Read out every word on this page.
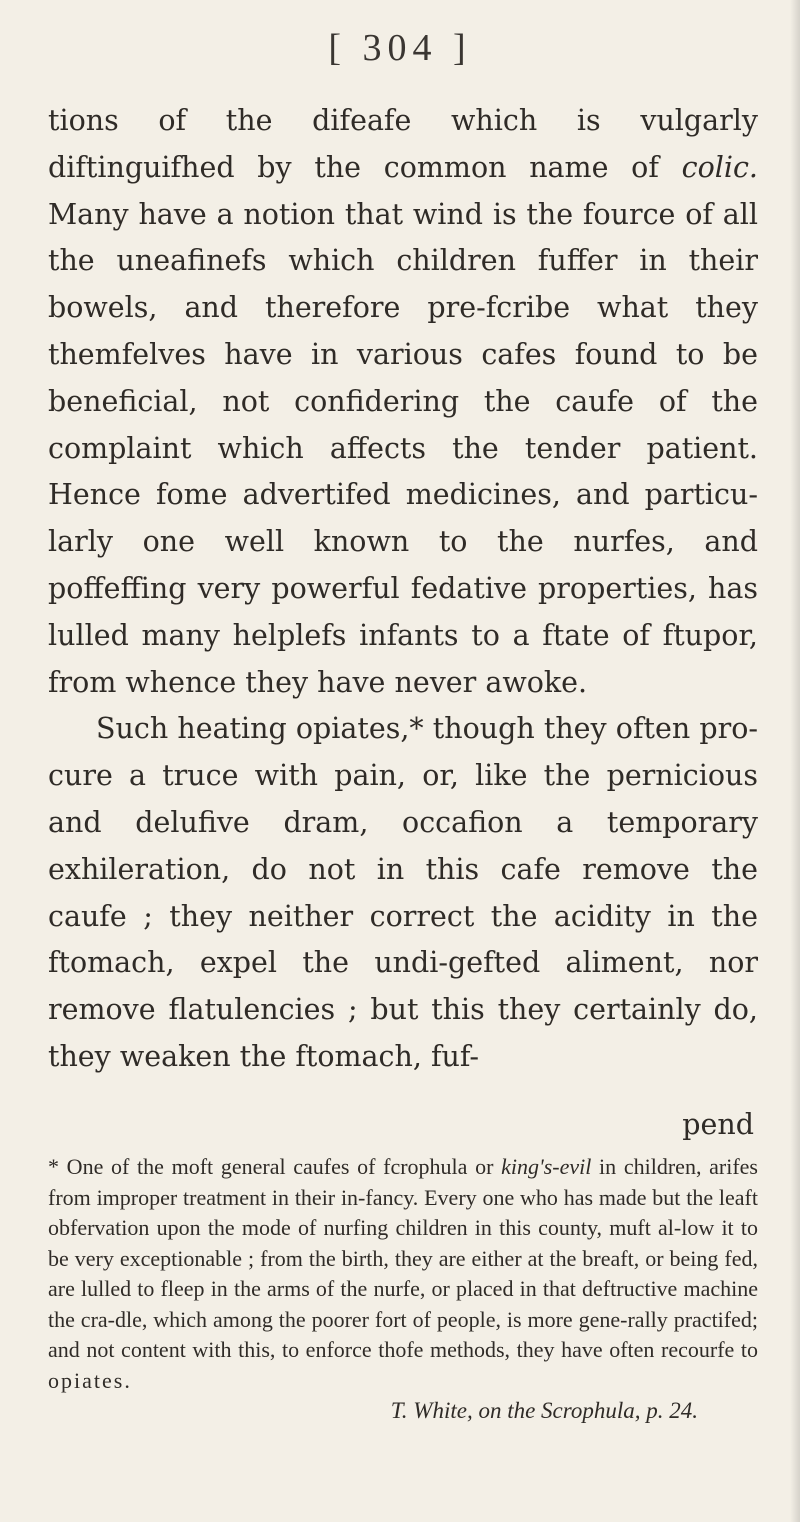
[ 304 ]

tions of the difeafe which is vulgarly diftinguifhed by the common name of colic. Many have a notion that wind is the fource of all the uneafinefs which children fuffer in their bowels, and therefore pre-fcribe what they themfelves have in various cafes found to be beneficial, not confidering the caufe of the complaint which affects the tender patient. Hence fome advertifed medicines, and particu-larly one well known to the nurfes, and poffeffing very powerful fedative properties, has lulled many helplefs infants to a ftate of ftupor, from whence they have never awoke.

Such heating opiates,* though they often pro-cure a truce with pain, or, like the pernicious and delufive dram, occafion a temporary exhileration, do not in this cafe remove the caufe ; they neither correct the acidity in the ftomach, expel the undi-gefted aliment, nor remove flatulencies ; but this they certainly do, they weaken the ftomach, fuf-

pend

* One of the moft general caufes of fcrophula or king's-evil in children, arifes from improper treatment in their in-fancy. Every one who has made but the leaft obfervation upon the mode of nurfing children in this county, muft al-low it to be very exceptionable ; from the birth, they are either at the breaft, or being fed, are lulled to fleep in the arms of the nurfe, or placed in that deftructive machine the cra-dle, which among the poorer fort of people, is more gene-rally practifed; and not content with this, to enforce thofe methods, they have often recourfe to opiates.

T. White, on the Scrophula, p. 24.
